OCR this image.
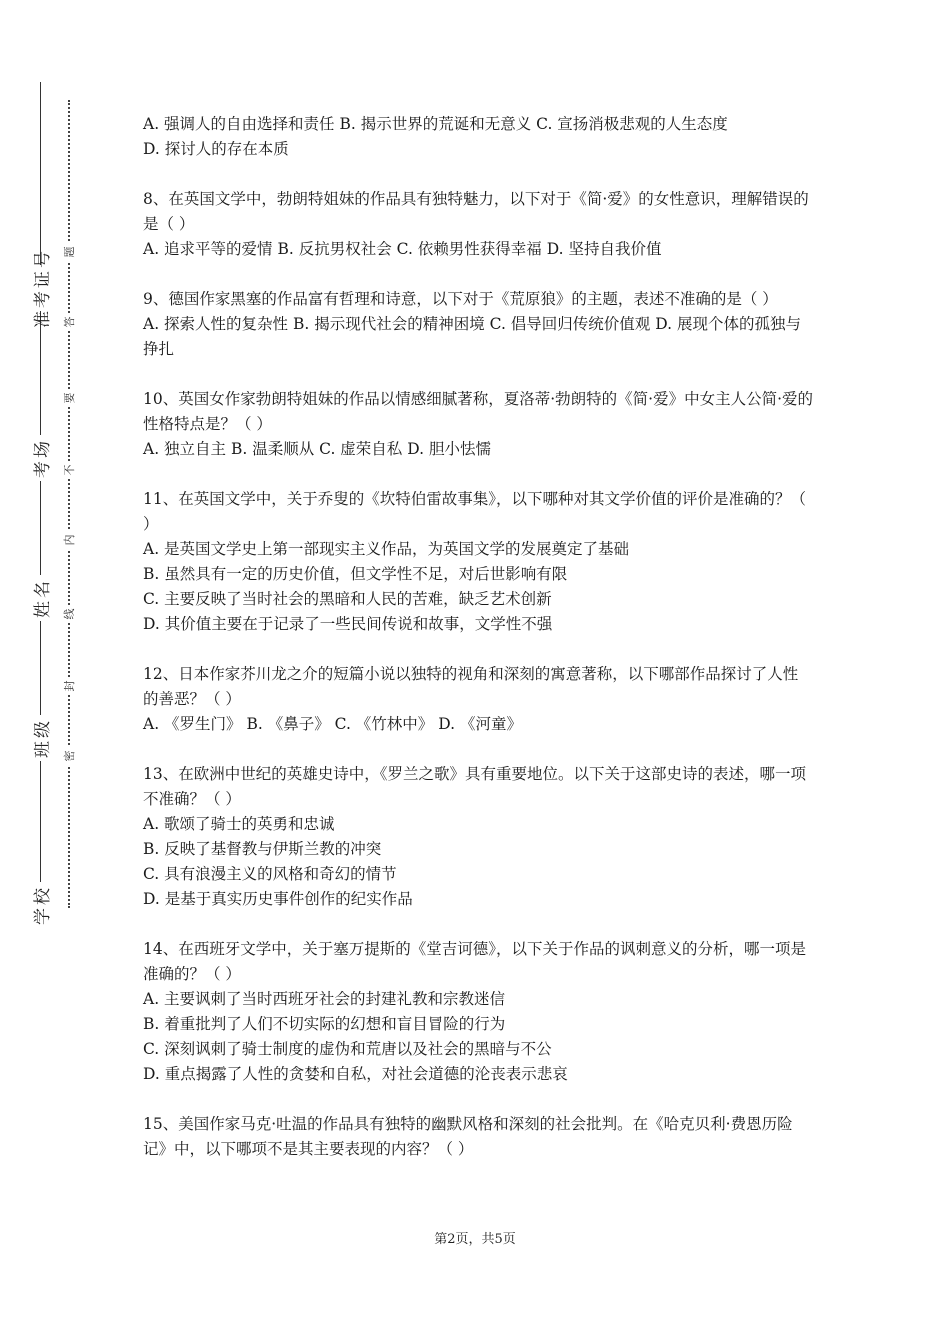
准考证号
考场
姓名
班级
学校
题
答
要
不
内
线
封
密

A. 强调人的自由选择和责任 B. 揭示世界的荒诞和无意义 C. 宣扬消极悲观的人生态度

D. 探讨人的存在本质

8、在英国文学中，勃朗特姐妹的作品具有独特魅力，以下对于《简·爱》的女性意识，理解错误的是（ ）

A. 追求平等的爱情 B. 反抗男权社会 C. 依赖男性获得幸福 D. 坚持自我价值

9、德国作家黑塞的作品富有哲理和诗意，以下对于《荒原狼》的主题，表述不准确的是（ ）

A. 探索人性的复杂性 B. 揭示现代社会的精神困境 C. 倡导回归传统价值观 D. 展现个体的孤独与挣扎

10、英国女作家勃朗特姐妹的作品以情感细腻著称，夏洛蒂·勃朗特的《简·爱》中女主人公简·爱的性格特点是？（ ）

A. 独立自主 B. 温柔顺从 C. 虚荣自私 D. 胆小怯懦

11、在英国文学中，关于乔叟的《坎特伯雷故事集》，以下哪种对其文学价值的评价是准确的？（ ）

A. 是英国文学史上第一部现实主义作品，为英国文学的发展奠定了基础

B. 虽然具有一定的历史价值，但文学性不足，对后世影响有限

C. 主要反映了当时社会的黑暗和人民的苦难，缺乏艺术创新

D. 其价值主要在于记录了一些民间传说和故事，文学性不强

12、日本作家芥川龙之介的短篇小说以独特的视角和深刻的寓意著称，以下哪部作品探讨了人性的善恶？（ ）

A. 《罗生门》 B. 《鼻子》 C. 《竹林中》 D. 《河童》

13、在欧洲中世纪的英雄史诗中，《罗兰之歌》具有重要地位。以下关于这部史诗的表述，哪一项不准确？（ ）

A. 歌颂了骑士的英勇和忠诚

B. 反映了基督教与伊斯兰教的冲突

C. 具有浪漫主义的风格和奇幻的情节

D. 是基于真实历史事件创作的纪实作品

14、在西班牙文学中，关于塞万提斯的《堂吉诃德》，以下关于作品的讽刺意义的分析，哪一项是准确的？（ ）

A. 主要讽刺了当时西班牙社会的封建礼教和宗教迷信

B. 着重批判了人们不切实际的幻想和盲目冒险的行为

C. 深刻讽刺了骑士制度的虚伪和荒唐以及社会的黑暗与不公

D. 重点揭露了人性的贪婪和自私，对社会道德的沦丧表示悲哀

15、美国作家马克·吐温的作品具有独特的幽默风格和深刻的社会批判。在《哈克贝利·费恩历险记》中，以下哪项不是其主要表现的内容？（ ）

第2页，共5页
